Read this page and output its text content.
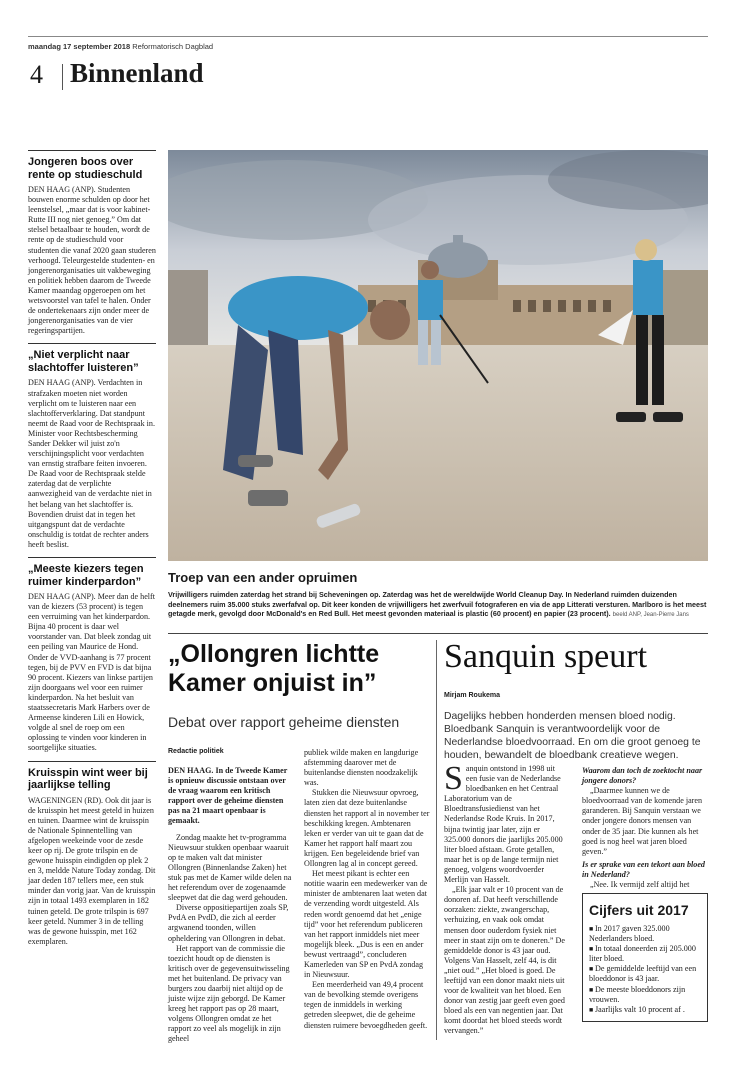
maandag 17 september 2018 Reformatorisch Dagblad
4 Binnenland
Jongeren boos over rente op studieschuld

DEN HAAG (ANP). Studenten bouwen enorme schulden op door het leenstelsel, „maar dat is voor kabinet-Rutte III nog niet genoeg.” Om dat stelsel betaalbaar te houden, wordt de rente op de studieschuld voor studenten die vanaf 2020 gaan studeren verhoogd. Teleurgestelde studenten- en jongerenorganisaties uit vakbeweging en politiek hebben daarom de Tweede Kamer maandag opgeroepen om het wetsvoorstel van tafel te halen. Onder de ondertekenaars zijn onder meer de jongerenorganisaties van de vier regeringspartijen.

„Niet verplicht naar slachtoffer luisteren”

DEN HAAG (ANP). Verdachten in strafzaken moeten niet worden verplicht om te luisteren naar een slachtofferverklaring. Dat standpunt neemt de Raad voor de Rechtspraak in. Minister voor Rechtsbescherming Sander Dekker wil juist zo'n verschijningsplicht voor verdachten van ernstig strafbare feiten invoeren. De Raad voor de Rechtspraak stelde zaterdag dat de verplichte aanwezigheid van de verdachte niet in het belang van het slachtoffer is. Bovendien druist dat in tegen het uitgangspunt dat de verdachte onschuldig is totdat de rechter anders heeft beslist.

„Meeste kiezers tegen ruimer kinderpardon”

DEN HAAG (ANP). Meer dan de helft van de kiezers (53 procent) is tegen een verruiming van het kinderpardon. Bijna 40 procent is daar wel voorstander van. Dat bleek zondag uit een peiling van Maurice de Hond. Onder de VVD-aanhang is 77 procent tegen, bij de PVV en FVD is dat bijna 90 procent. Kiezers van linkse partijen zijn doorgaans wel voor een ruimer kinderpardon. Na het besluit van staatssecretaris Mark Harbers over de Armeense kinderen Lili en Howick, volgde al snel de roep om een oplossing te vinden voor kinderen in soortgelijke situaties.

Kruisspin wint weer bij jaarlijkse telling

WAGENINGEN (RD). Ook dit jaar is de kruisspin het meest geteld in huizen en tuinen. Daarmee wint de kruisspin de Nationale Spinnentelling van afgelopen weekeinde voor de zesde keer op rij. De grote trilspin en de gewone huisspin eindigden op plek 2 en 3, meldde Nature Today zondag. Dit jaar deden 187 tellers mee, een stuk minder dan vorig jaar. Van de kruisspin zijn in totaal 1493 exemplaren in 182 tuinen geteld. De grote trilspin is 697 keer geteld. Nummer 3 in de telling was de gewone huisspin, met 162 exemplaren.

Troep van een ander opruimen
Vrijwilligers ruimden zaterdag het strand bij Scheveningen op. Zaterdag was het de wereldwijde World Cleanup Day. In Nederland ruimden duizenden deelnemers ruim 35.000 stuks zwerfafval op. Dit keer konden de vrijwilligers het zwerfvuil fotograferen en via de app Litterati versturen. Marlboro is het meest getagde merk, gevolgd door McDonald's en Red Bull. Het meest gevonden materiaal is plastic (60 procent) en papier (23 procent). beeld ANP, Jean-Pierre Jans
„Ollongren lichtte Kamer onjuist in”
Debat over rapport geheime diensten
Redactie politiek

DEN HAAG. In de Tweede Kamer is opnieuw discussie ontstaan over de vraag waarom een kritisch rapport over de geheime diensten pas na 21 maart openbaar is gemaakt.

Zondag maakte het tv-programma Nieuwsuur stukken openbaar waaruit op te maken valt dat minister Ollongren (Binnenlandse Zaken) het stuk pas met de Kamer wilde delen na het referendum over de zogenaamde sleepwet dat die dag werd gehouden.

Diverse oppositiepartijen zoals SP, PvdA en PvdD, die zich al eerder argwanend toonden, willen opheldering van Ollongren in debat.

Het rapport van de commissie die toezicht houdt op de diensten is kritisch over de gegevensuitwisseling met het buitenland. De privacy van burgers zou daarbij niet altijd op de juiste wijze zijn geborgd. De Kamer kreeg het rapport pas op 28 maart, volgens Ollongren omdat ze het rapport zo veel als mogelijk in zijn geheel

publiek wilde maken en langdurige afstemming daarover met de buitenlandse diensten noodzakelijk was.

Stukken die Nieuwsuur opvroeg, laten zien dat deze buitenlandse diensten het rapport al in november ter beschikking kregen. Ambtenaren leken er verder van uit te gaan dat de Kamer het rapport half maart zou krijgen. Een begeleidende brief van Ollongren lag al in concept gereed.

Het meest pikant is echter een notitie waarin een medewerker van de minister de ambtenaren laat weten dat de verzending wordt uitgesteld. Als reden wordt genoemd dat het „enige tijd” voor het referendum publiceren van het rapport inmiddels niet meer mogelijk bleek. „Dus is een en ander bewust vertraagd”, concluderen Kamerleden van SP en PvdA zondag in Nieuwsuur.

Een meerderheid van 49,4 procent van de bevolking stemde overigens tegen de inmiddels in werking getreden sleepwet, die de geheime diensten ruimere bevoegdheden geeft.

Sanquin speurt
Mirjam Roukema
Dagelijks hebben honderden mensen bloed nodig. Bloedbank Sanquin is verantwoordelijk voor de Nederlandse bloedvoorraad. En om die groot genoeg te houden, bewandelt de bloedbank creatieve wegen.

Sanquin ontstond in 1998 uit een fusie van de Nederlandse bloedbanken en het Centraal Laboratorium van de Bloedtransfusiedienst van het Nederlandse Rode Kruis. In 2017, bijna twintig jaar later, zijn er 325.000 donors die jaarlijks 205.000 liter bloed afstaan. Grote getallen, maar het is op de lange termijn niet genoeg, volgens woordvoerder Merlijn van Hasselt.

„Elk jaar valt er 10 procent van de donoren af. Dat heeft verschillende oorzaken: ziekte, zwangerschap, verhuizing, en vaak ook omdat mensen door ouderdom fysiek niet meer in staat zijn om te doneren.” De gemiddelde donor is 43 jaar oud. Volgens Van Hasselt, zelf 44, is dit „niet oud.” „Het bloed is goed. De leeftijd van een donor maakt niets uit voor de kwaliteit van het bloed. Een donor van zestig jaar geeft even goed bloed als een van negentien jaar. Dat komt doordat het bloed steeds wordt vervangen.”

Waarom dan toch de zoektocht naar jongere donors?

„Daarmee kunnen we de bloedvoorraad van de komende jaren garanderen. Bij Sanquin verstaan we onder jongere donors mensen van onder de 35 jaar. Die kunnen als het goed is nog heel wat jaren bloed geven.”

Is er sprake van een tekort aan bloed in Nederland?

„Nee. Ik vermijd zelf altijd het

Cijfers uit 2017
■ In 2017 gaven 325.000 Nederlanders bloed.
■ In totaal doneerden zij 205.000 liter bloed.
■ De gemiddelde leeftijd van een bloeddonor is 43 jaar.
■ De meeste bloeddonors zijn vrouwen.
■ Jaarlijks valt 10 procent af .
